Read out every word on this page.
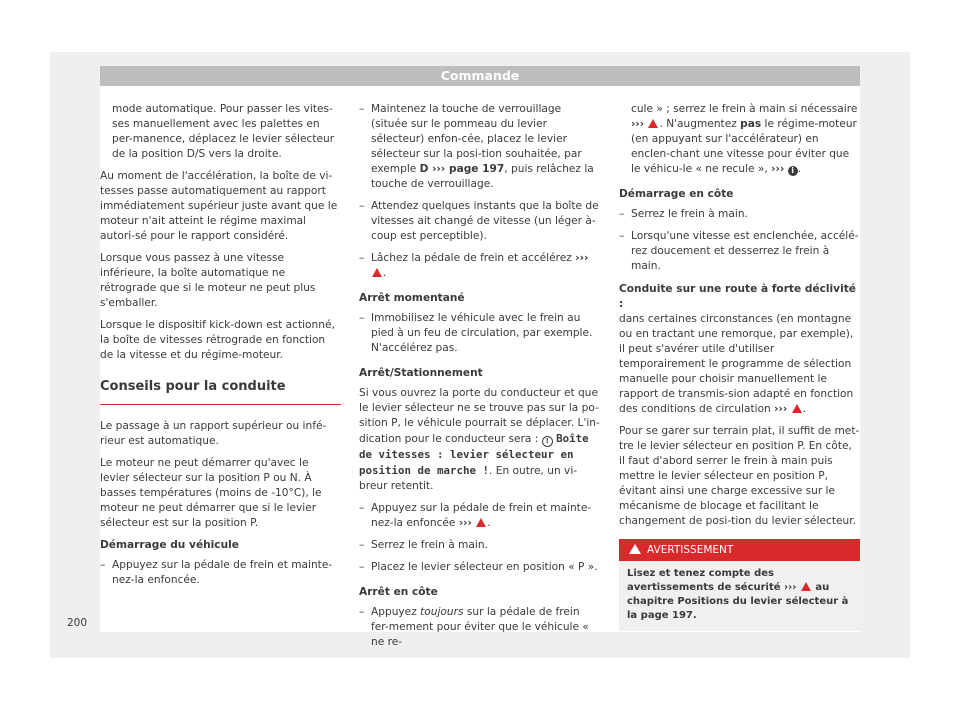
Commande

mode automatique. Pour passer les vites-ses manuellement avec les palettes en per-manence, déplacez le levier sélecteur de la position D/S vers la droite.

Au moment de l'accélération, la boîte de vi-tesses passe automatiquement au rapport immédiatement supérieur juste avant que le moteur n'ait atteint le régime maximal autori-sé pour le rapport considéré.

Lorsque vous passez à une vitesse inférieure, la boîte automatique ne rétrograde que si le moteur ne peut plus s'emballer.

Lorsque le dispositif kick-down est actionné, la boîte de vitesses rétrograde en fonction de la vitesse et du régime-moteur.

Conseils pour la conduite

Le passage à un rapport supérieur ou infé-rieur est automatique.

Le moteur ne peut démarrer qu'avec le levier sélecteur sur la position P ou N. À basses températures (moins de -10°C), le moteur ne peut démarrer que si le levier sélecteur est sur la position P.

Démarrage du véhicule
– Appuyez sur la pédale de frein et mainte-nez-la enfoncée.
– Maintenez la touche de verrouillage (située sur le pommeau du levier sélecteur) enfon-cée, placez le levier sélecteur sur la posi-tion souhaitée, par exemple D ››› page 197, puis relâchez la touche de verrouillage.
– Attendez quelques instants que la boîte de vitesses ait changé de vitesse (un léger à-coup est perceptible).
– Lâchez la pédale de frein et accélérez ››› .
Arrêt momentané
– Immobilisez le véhicule avec le frein au pied à un feu de circulation, par exemple. N'accélérez pas.
Arrêt/Stationnement

Si vous ouvrez la porte du conducteur et que le levier sélecteur ne se trouve pas sur la po-sition P, le véhicule pourrait se déplacer. L'in-dication pour le conducteur sera : ! Boîte de vitesses : levier sélecteur en position de marche !. En outre, un vi-breur retentit.

– Appuyez sur la pédale de frein et mainte-nez-la enfoncée ››› .
– Serrez le frein à main.
– Placez le levier sélecteur en position « P ».
Arrêt en côte
– Appuyez toujours sur la pédale de frein fer-mement pour éviter que le véhicule « ne re-

cule » ; serrez le frein à main si nécessaire ››› . N'augmentez pas le régime-moteur (en appuyant sur l'accélérateur) en enclen-chant une vitesse pour éviter que le véhicu-le « ne recule », ››› i .

Démarrage en côte
– Serrez le frein à main.
– Lorsqu'une vitesse est enclenchée, accélé-rez doucement et desserrez le frein à main.
Conduite sur une route à forte déclivité :

dans certaines circonstances (en montagne ou en tractant une remorque, par exemple), il peut s'avérer utile d'utiliser temporairement le programme de sélection manuelle pour choisir manuellement le rapport de transmis-sion adapté en fonction des conditions de circulation ››› .

Pour se garer sur terrain plat, il suffit de met-tre le levier sélecteur en position P. En côte, il faut d'abord serrer le frein à main puis mettre le levier sélecteur en position P, évitant ainsi une charge excessive sur le mécanisme de blocage et facilitant le changement de posi-tion du levier sélecteur.

AVERTISSEMENT
Lisez et tenez compte des avertissements de sécurité ›››  au chapitre Positions du levier sélecteur à la page 197.
200
